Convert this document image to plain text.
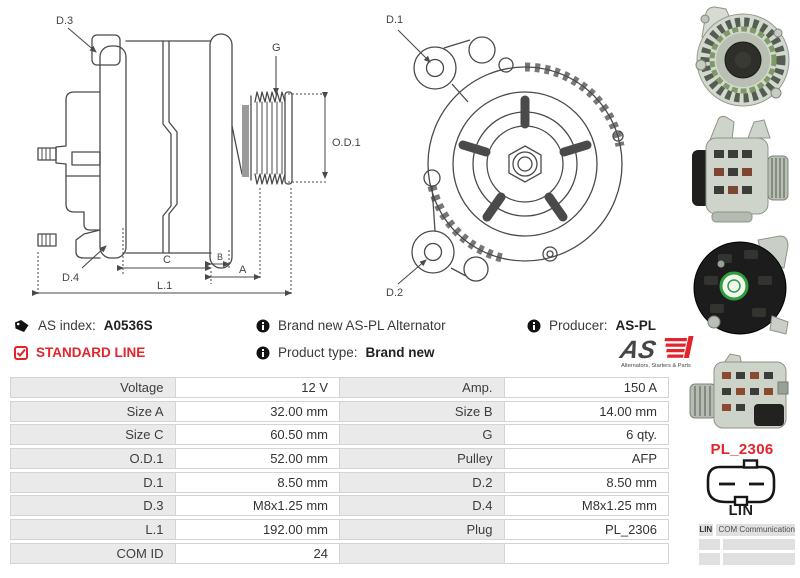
D.3
G
O.D.1
D.4
C	B
A
L.1
D.1
D.2
AS index: A0536S
STANDARD LINE
Brand new AS-PL Alternator
Product type: Brand new
Producer: AS-PL
AS
Alternators, Starters & Parts
Voltage	12 V	Amp.	150 A
Size A	32.00 mm	Size B	14.00 mm
Size C	60.50 mm	G	6 qty.
O.D.1	52.00 mm	Pulley	AFP
D.1	8.50 mm	D.2	8.50 mm
D.3	M8x1.25 mm	D.4	M8x1.25 mm
L.1	192.00 mm	Plug	PL_2306
COM ID	24
PL_2306
LIN
LIN COM Communication
